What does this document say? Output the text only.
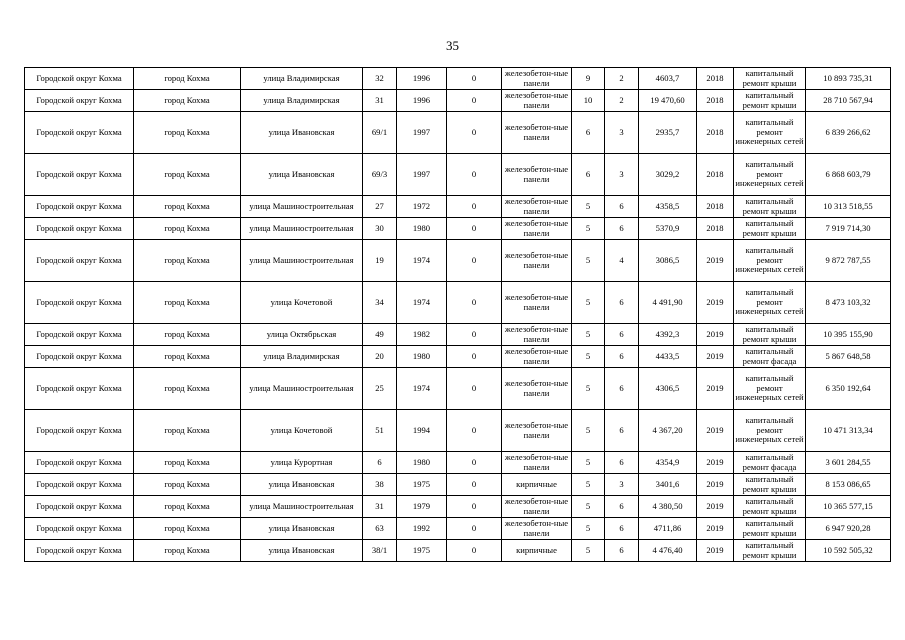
35
Городской округ Кохма	город Кохма	улица Владимирская	32	1996	0	железобетон-ные панели	9	2	4603,7	2018	капитальный ремонт крыши	10 893 735,31
Городской округ Кохма	город Кохма	улица Владимирская	31	1996	0	железобетон-ные панели	10	2	19 470,60	2018	капитальный ремонт крыши	28 710 567,94
Городской округ Кохма	город Кохма	улица Ивановская	69/1	1997	0	железобетон-ные панели	6	3	2935,7	2018	капитальный ремонт инженерных сетей	6 839 266,62
Городской округ Кохма	город Кохма	улица Ивановская	69/3	1997	0	железобетон-ные панели	6	3	3029,2	2018	капитальный ремонт инженерных сетей	6 868 603,79
Городской округ Кохма	город Кохма	улица Машиностроительная	27	1972	0	железобетон-ные панели	5	6	4358,5	2018	капитальный ремонт крыши	10 313 518,55
Городской округ Кохма	город Кохма	улица Машиностроительная	30	1980	0	железобетон-ные панели	5	6	5370,9	2018	капитальный ремонт крыши	7 919 714,30
Городской округ Кохма	город Кохма	улица Машиностроительная	19	1974	0	железобетон-ные панели	5	4	3086,5	2019	капитальный ремонт инженерных сетей	9 872 787,55
Городской округ Кохма	город Кохма	улица Кочетовой	34	1974	0	железобетон-ные панели	5	6	4 491,90	2019	капитальный ремонт инженерных сетей	8 473 103,32
Городской округ Кохма	город Кохма	улица Октябрьская	49	1982	0	железобетон-ные панели	5	6	4392,3	2019	капитальный ремонт крыши	10 395 155,90
Городской округ Кохма	город Кохма	улица Владимирская	20	1980	0	железобетон-ные панели	5	6	4433,5	2019	капитальный ремонт фасада	5 867 648,58
Городской округ Кохма	город Кохма	улица Машиностроительная	25	1974	0	железобетон-ные панели	5	6	4306,5	2019	капитальный ремонт инженерных сетей	6 350 192,64
Городской округ Кохма	город Кохма	улица Кочетовой	51	1994	0	железобетон-ные панели	5	6	4 367,20	2019	капитальный ремонт инженерных сетей	10 471 313,34
Городской округ Кохма	город Кохма	улица Курортная	6	1980	0	железобетон-ные панели	5	6	4354,9	2019	капитальный ремонт фасада	3 601 284,55
Городской округ Кохма	город Кохма	улица Ивановская	38	1975	0	кирпичные	5	3	3401,6	2019	капитальный ремонт крыши	8 153 086,65
Городской округ Кохма	город Кохма	улица Машиностроительная	31	1979	0	железобетон-ные панели	5	6	4 380,50	2019	капитальный ремонт крыши	10 365 577,15
Городской округ Кохма	город Кохма	улица Ивановская	63	1992	0	железобетон-ные панели	5	6	4711,86	2019	капитальный ремонт крыши	6 947 920,28
Городской округ Кохма	город Кохма	улица Ивановская	38/1	1975	0	кирпичные	5	6	4 476,40	2019	капитальный ремонт крыши	10 592 505,32
